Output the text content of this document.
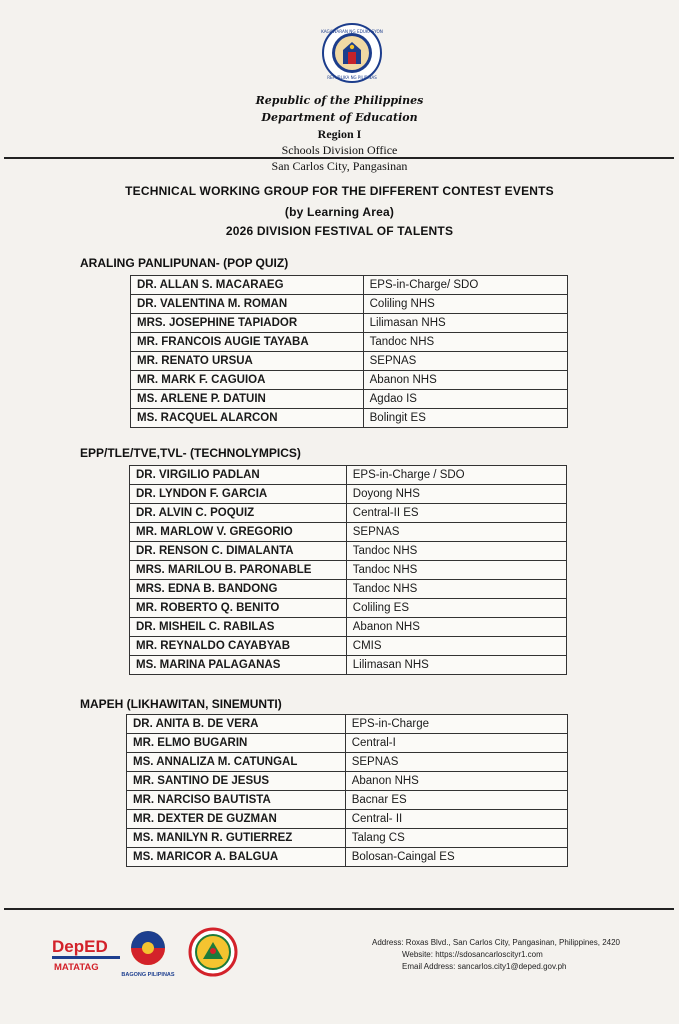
KAGAWARAN NG EDUKASYON
REPUBLIKA NG PILIPINAS
Republic of the Philippines
Department of Education
Region I
Schools Division Office
San Carlos City, Pangasinan
TECHNICAL WORKING GROUP FOR THE DIFFERENT CONTEST EVENTS
(by Learning Area)
2026 DIVISION FESTIVAL OF TALENTS
ARALING PANLIPUNAN- (POP QUIZ)
DR. ALLAN S. MACARAEG	EPS-in-Charge/ SDO
DR. VALENTINA M. ROMAN	Coliling NHS
MRS. JOSEPHINE TAPIADOR	Lilimasan NHS
MR. FRANCOIS AUGIE TAYABA	Tandoc NHS
MR. RENATO URSUA	SEPNAS
MR. MARK F. CAGUIOA	Abanon NHS
MS. ARLENE P. DATUIN	Agdao IS
MS. RACQUEL ALARCON	Bolingit ES
EPP/TLE/TVE,TVL- (TECHNOLYMPICS)
DR. VIRGILIO PADLAN	EPS-in-Charge / SDO
DR. LYNDON F. GARCIA	Doyong NHS
DR. ALVIN C. POQUIZ	Central-II ES
MR. MARLOW V. GREGORIO	SEPNAS
DR. RENSON C. DIMALANTA	Tandoc NHS
MRS. MARILOU B. PARONABLE	Tandoc NHS
MRS. EDNA B. BANDONG	Tandoc NHS
MR. ROBERTO Q. BENITO	Coliling ES
DR. MISHEIL C. RABILAS	Abanon NHS
MR. REYNALDO CAYABYAB	CMIS
MS. MARINA PALAGANAS	Lilimasan NHS
MAPEH (LIKHAWITAN, SINEMUNTI)
DR. ANITA B. DE VERA	EPS-in-Charge
MR. ELMO BUGARIN	Central-I
MS. ANNALIZA M. CATUNGAL	SEPNAS
MR. SANTINO DE JESUS	Abanon NHS
MR. NARCISO BAUTISTA	Bacnar ES
MR. DEXTER DE GUZMAN	Central- II
MS. MANILYN R. GUTIERREZ	Talang CS
MS. MARICOR A. BALGUA	Bolosan-Caingal ES
DepED
MATATAG
BAGONG PILIPINAS
Address: Roxas Blvd., San Carlos City, Pangasinan, Philippines, 2420
Website: https://sdosancarloscityr1.com
Email Address: sancarlos.city1@deped.gov.ph
